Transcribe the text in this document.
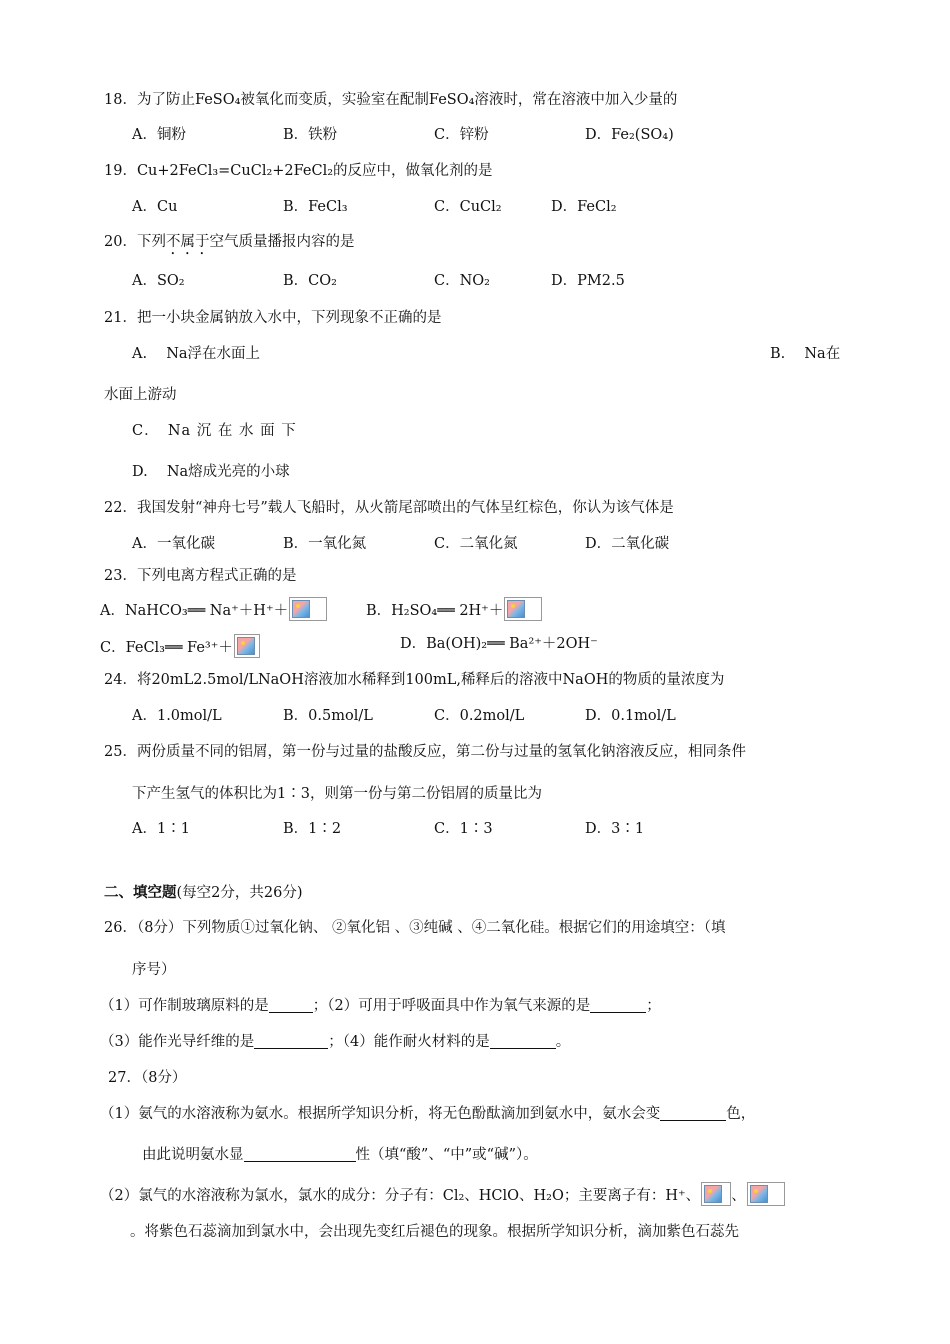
18．为了防止FeSO₄被氧化而变质，实验室在配制FeSO₄溶液时，常在溶液中加入少量的
A．铜粉	B．铁粉	C．锌粉	D．Fe₂(SO₄)
19．Cu+2FeCl₃=CuCl₂+2FeCl₂的反应中，做氧化剂的是
A．Cu	B．FeCl₃	C．CuCl₂	D．FeCl₂
20．下列不属于空气质量播报内容的是
A．SO₂	B．CO₂	C．NO₂	D．PM2.5
21．把一小块金属钠放入水中，下列现象不正确的是
A.　 Na浮在水面上	B.　 Na在
水面上游动
C．　Na 沉 在 水 面 下
D.　 Na熔成光亮的小球
22．我国发射“神舟七号”载人飞船时，从火箭尾部喷出的气体呈红棕色，你认为该气体是
A．一氧化碳	B．一氧化氮	C．二氧化氮	D．二氧化碳
23．下列电离方程式正确的是
A．NaHCO₃══ Na⁺＋H⁺＋	B．H₂SO₄══ 2H⁺＋
C．FeCl₃══ Fe³⁺＋	D．Ba(OH)₂══ Ba²⁺＋2OH⁻
24．将20mL2.5mol/LNaOH溶液加水稀释到100mL,稀释后的溶液中NaOH的物质的量浓度为
A．1.0mol/L	B．0.5mol/L	C．0.2mol/L	D．0.1mol/L
25．两份质量不同的铝屑，第一份与过量的盐酸反应，第二份与过量的氢氧化钠溶液反应，相同条件
下产生氢气的体积比为1∶3，则第一份与第二份铝屑的质量比为
A．1∶1	B．1∶2	C．1∶3	D．3∶1
二、填空题(每空2分，共26分)
26．（8分）下列物质①过氧化钠、 ②氧化铝 、③纯碱 、④二氧化硅。根据它们的用途填空：（填
序号）
（1）可作制玻璃原料的是	；（2）可用于呼吸面具中作为氧气来源的是	；
（3）能作光导纤维的是	；（4）能作耐火材料的是	。
27．（8分）
（1）氨气的水溶液称为氨水。根据所学知识分析，将无色酚酞滴加到氨水中，氨水会变	色，
由此说明氨水显	性（填“酸”、“中”或“碱”）。
（2）氯气的水溶液称为氯水，氯水的成分：分子有：Cl₂、HClO、H₂O；主要离子有：H⁺、 、
。将紫色石蕊滴加到氯水中，会出现先变红后褪色的现象。根据所学知识分析，滴加紫色石蕊先
